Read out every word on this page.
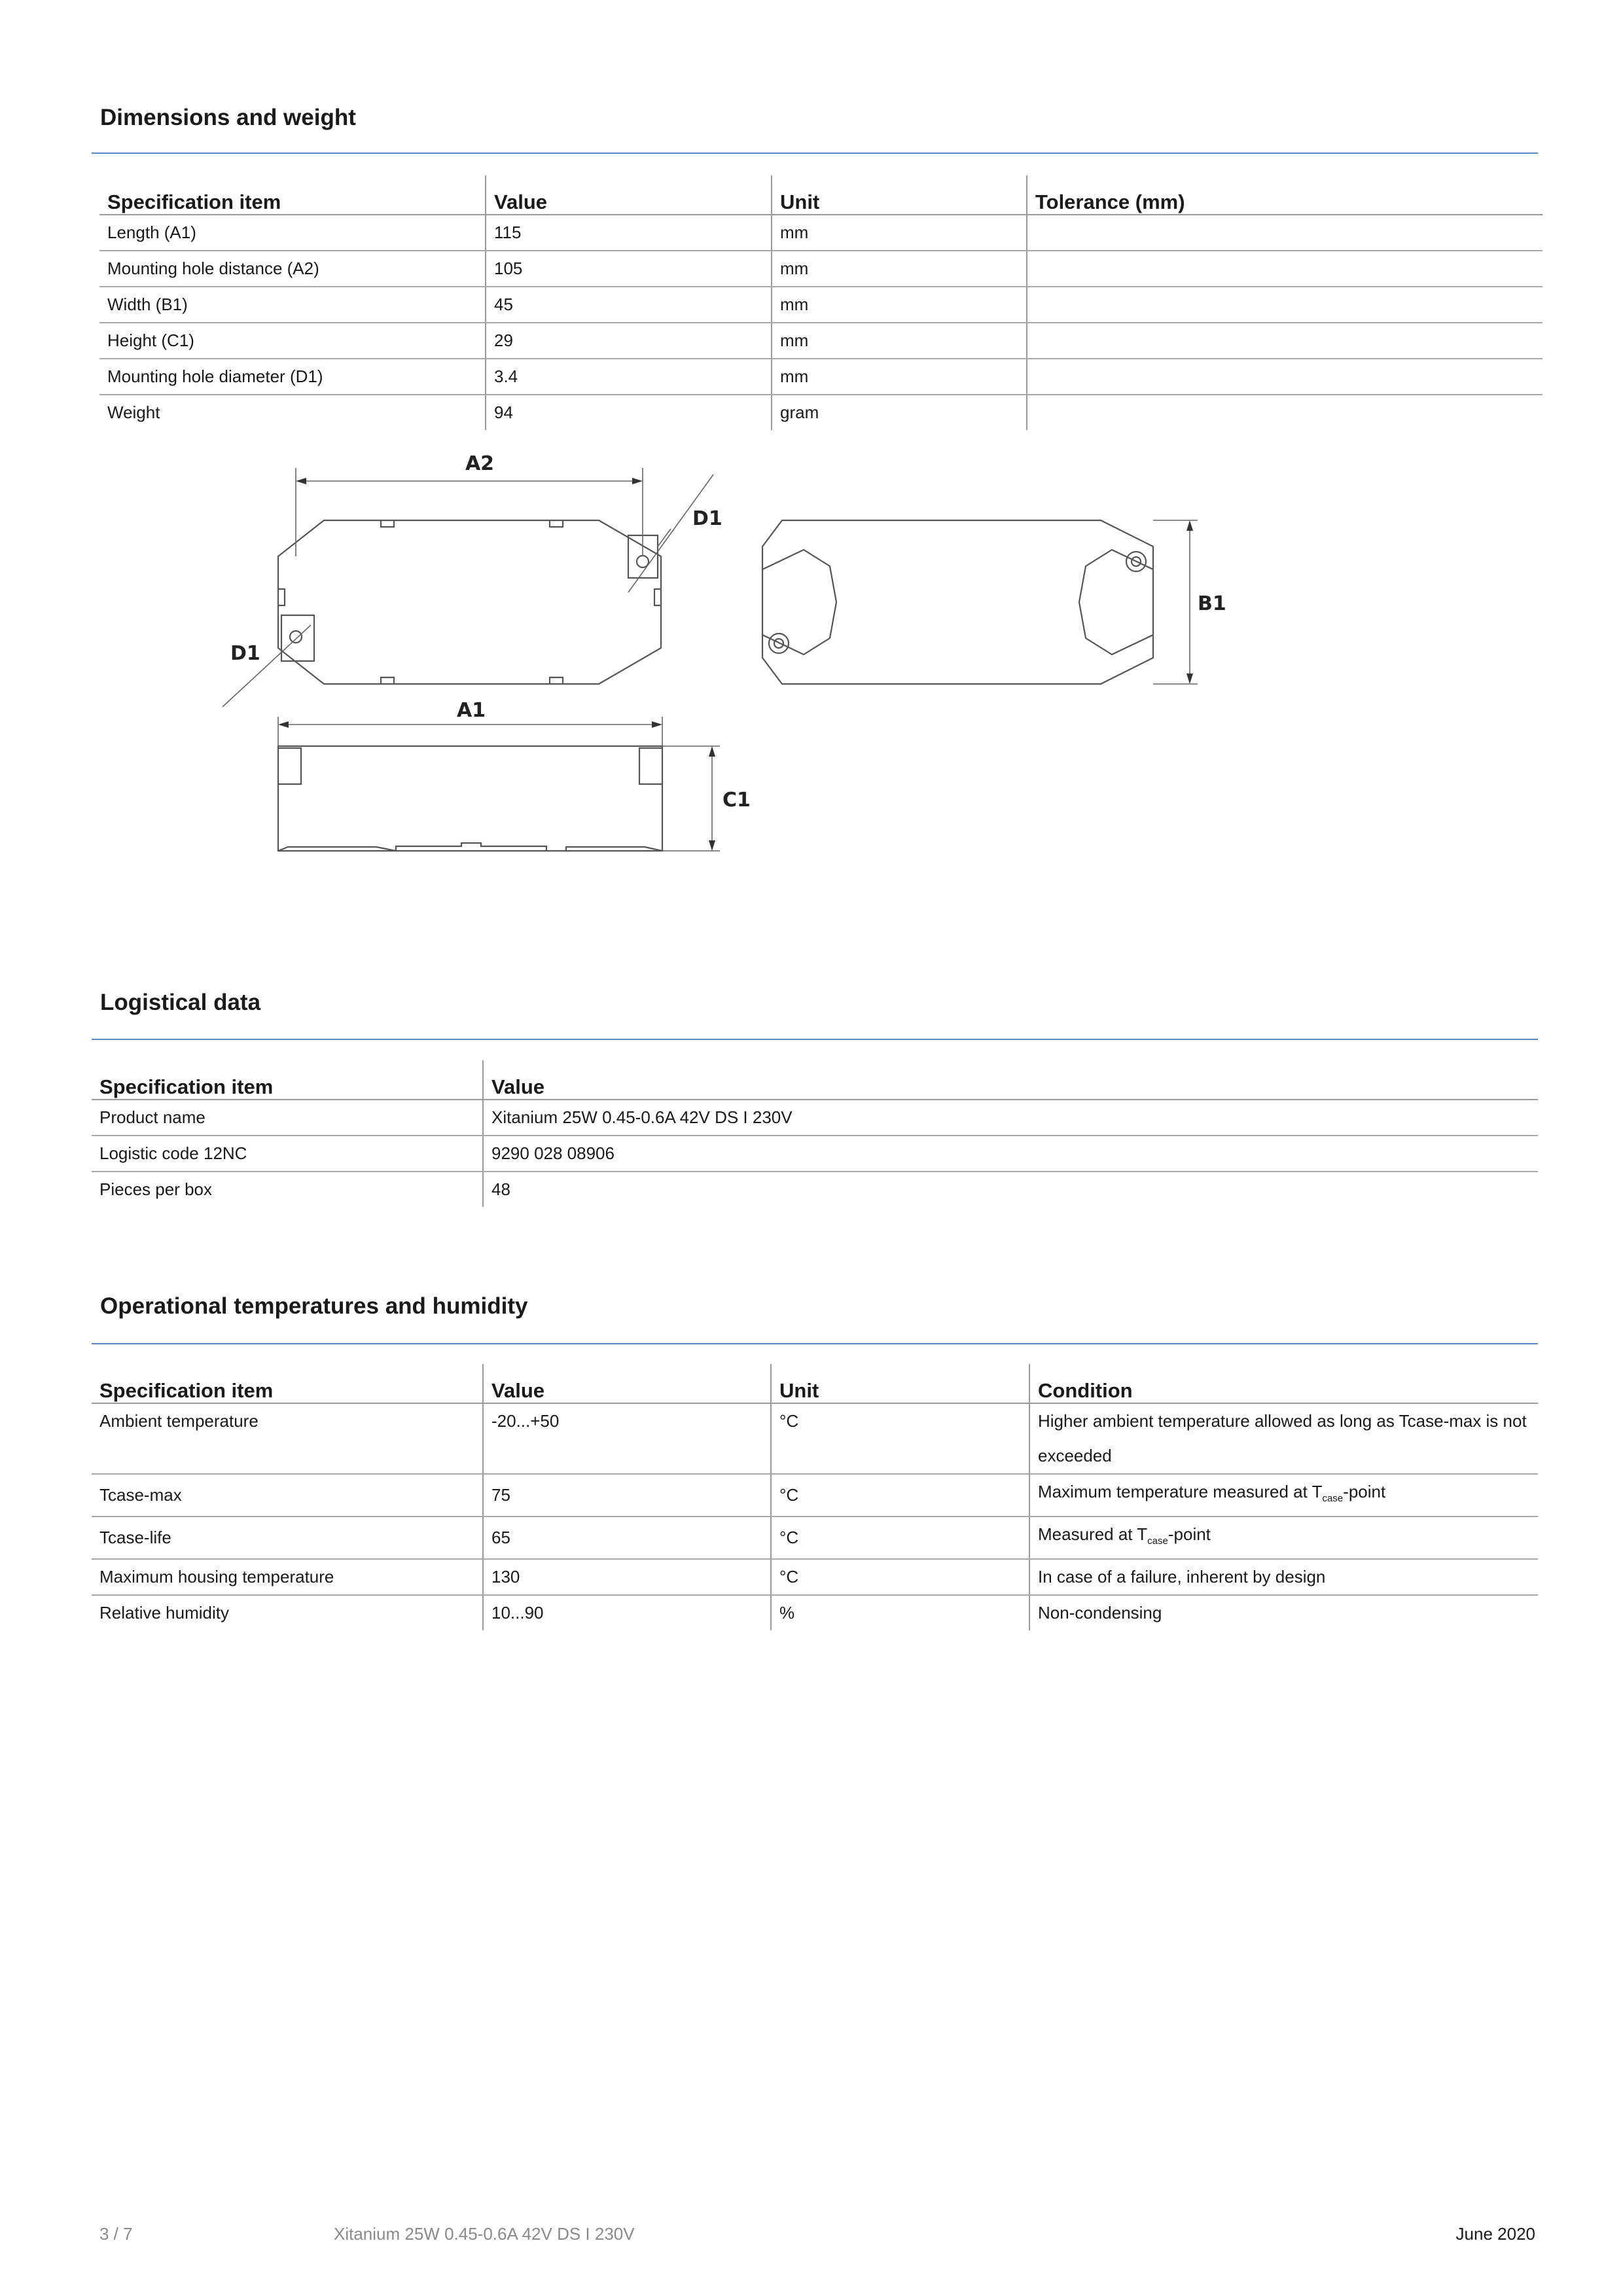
Dimensions and weight
Specification item	Value	Unit	Tolerance (mm)
Length (A1)	115	mm	
Mounting hole distance (A2)	105	mm	
Width (B1)	45	mm	
Height (C1)	29	mm	
Mounting hole diameter (D1)	3.4	mm	
Weight	94	gram	
A2
D1
D1
B1
A1
C1
Logistical data
Specification item	Value
Product name	Xitanium 25W 0.45-0.6A 42V DS I 230V
Logistic code 12NC	9290 028 08906
Pieces per box	48
Operational temperatures and humidity
Specification item	Value	Unit	Condition
Ambient temperature	-20...+50	°C	Higher ambient temperature allowed as long as Tcase-max is not exceeded
Tcase-max	75	°C	Maximum temperature measured at $T_{case}$-point
Tcase-life	65	°C	Measured at $T_{case}$-point
Maximum housing temperature	130	°C	In case of a failure, inherent by design
Relative humidity	10...90	%	Non-condensing
3 / 7	Xitanium 25W 0.45-0.6A 42V DS I 230V	June 2020
